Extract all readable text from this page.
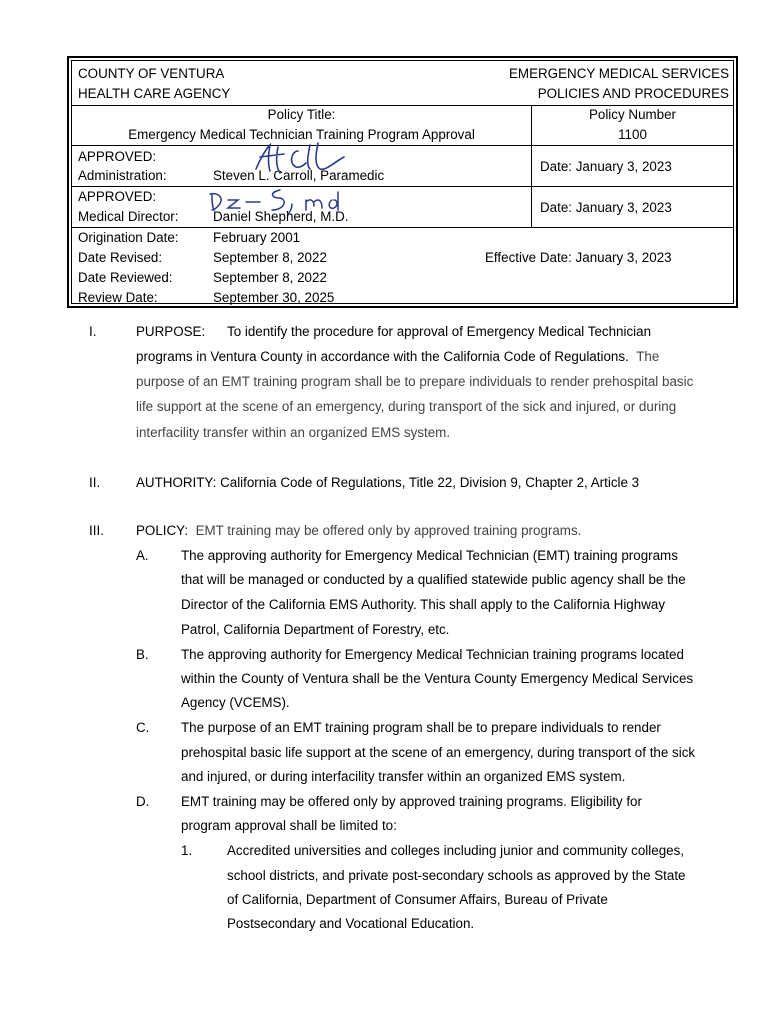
COUNTY OF VENTURA
HEALTH CARE AGENCY
EMERGENCY MEDICAL SERVICES
POLICIES AND PROCEDURES
Policy Title:
Emergency Medical Technician Training Program Approval
Policy Number
1100
APPROVED:
Administration:	Steven L. Carroll, Paramedic
Date: January 3, 2023
APPROVED:
Medical Director:	Daniel Shepherd, M.D.
Date: January 3, 2023
Origination Date:	February 2001
Date Revised:	September 8, 2022	Effective Date: January 3, 2023
Date Reviewed:	September 8, 2022
Review Date:	September 30, 2025
I.	PURPOSE: To identify the procedure for approval of Emergency Medical Technician
programs in Ventura County in accordance with the California Code of Regulations. The
purpose of an EMT training program shall be to prepare individuals to render prehospital basic
life support at the scene of an emergency, during transport of the sick and injured, or during
interfacility transfer within an organized EMS system.
II.	AUTHORITY: California Code of Regulations, Title 22, Division 9, Chapter 2, Article 3
III. POLICY: EMT training may be offered only by approved training programs.
A. The approving authority for Emergency Medical Technician (EMT) training programs
that will be managed or conducted by a qualified statewide public agency shall be the
Director of the California EMS Authority. This shall apply to the California Highway
Patrol, California Department of Forestry, etc.
B. The approving authority for Emergency Medical Technician training programs located
within the County of Ventura shall be the Ventura County Emergency Medical Services
Agency (VCEMS).
C. The purpose of an EMT training program shall be to prepare individuals to render
prehospital basic life support at the scene of an emergency, during transport of the sick
and injured, or during interfacility transfer within an organized EMS system.
D. EMT training may be offered only by approved training programs. Eligibility for
program approval shall be limited to:
1.	Accredited universities and colleges including junior and community colleges,
school districts, and private post-secondary schools as approved by the State
of California, Department of Consumer Affairs, Bureau of Private
Postsecondary and Vocational Education.
